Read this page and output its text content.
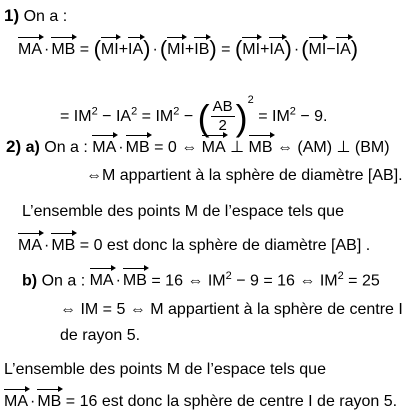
1) On a :
MA · MB = (MI+IA) ·(MI+IB) = (MI+IA) ·(MI−IA)
= $IM^2 - IA^2 = IM^2$ − ( $\frac{AB}{2} )^2 = IM^2 - 9$.
2) a) On a : MA · MB = 0 ⇔ MA ⊥ MB ⇔ (AM) ⊥ (BM)
⇔M appartient à la sphère de diamètre [AB].
L’ensemble des points M de l’espace tels que
MA · MB = 0 est donc la sphère de diamètre [AB] .
b) On a : MA · MB = 16 ⇔ $IM^2 - 9 = 16$ ⇔ $IM^2 = 25$
⇔ IM = 5 ⇔ M appartient à la sphère de centre I
de rayon 5.
L’ensemble des points M de l’espace tels que
MA · MB = 16 est donc la sphère de centre I de rayon 5.
